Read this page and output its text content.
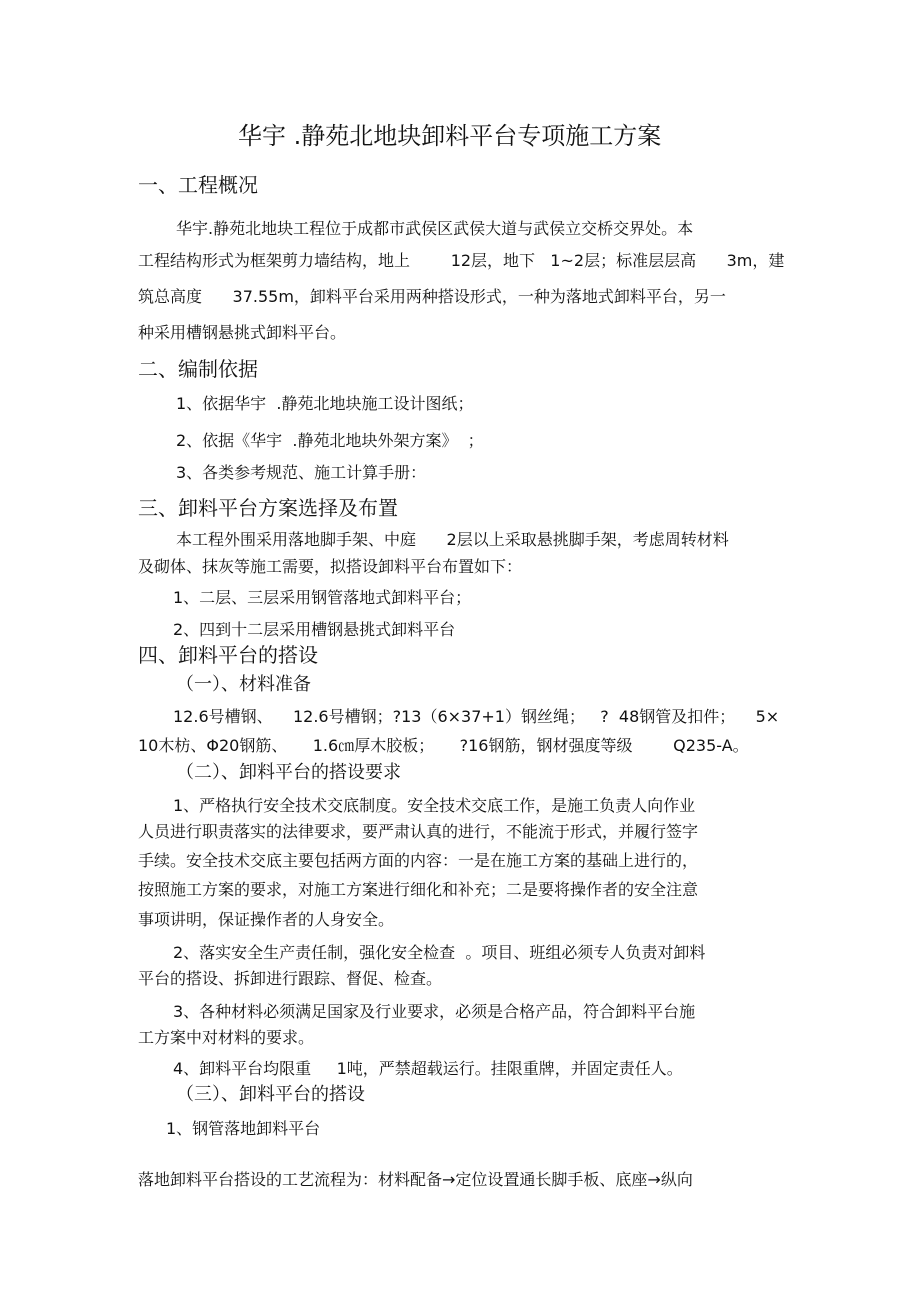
华宇 .静苑北地块卸料平台专项施工方案
一、工程概况
华宇.静苑北地块工程位于成都市武侯区武侯大道与武侯立交桥交界处。本
工程结构形式为框架剪力墙结构，地上        12层，地下   1~2层；标准层层高      3m，建
筑总高度      37.55m，卸料平台采用两种搭设形式，一种为落地式卸料平台，另一
种采用槽钢悬挑式卸料平台。
二、编制依据
1、依据华宇  .静苑北地块施工设计图纸；
2、依据《华宇  .静苑北地块外架方案》  ；
3、各类参考规范、施工计算手册：
三、卸料平台方案选择及布置
本工程外围采用落地脚手架、中庭      2层以上采取悬挑脚手架，考虑周转材料
及砌体、抹灰等施工需要，拟搭设卸料平台布置如下：
1、二层、三层采用钢管落地式卸料平台；
2、四到十二层采用槽钢悬挑式卸料平台
四、卸料平台的搭设
（一）、材料准备
12.6号槽钢、    12.6号槽钢；?13（6×37+1）钢丝绳；   ?  48钢管及扣件；    5×
10木枋、Φ20钢筋、     1.6㎝厚木胶板；     ?16钢筋，钢材强度等级        Q235-A。
（二）、卸料平台的搭设要求
1、严格执行安全技术交底制度。安全技术交底工作，是施工负责人向作业
人员进行职责落实的法律要求，要严肃认真的进行，不能流于形式，并履行签字
手续。安全技术交底主要包括两方面的内容：一是在施工方案的基础上进行的，
按照施工方案的要求，对施工方案进行细化和补充；二是要将操作者的安全注意
事项讲明，保证操作者的人身安全。
2、落实安全生产责任制，强化安全检查  。项目、班组必须专人负责对卸料
平台的搭设、拆卸进行跟踪、督促、检查。
3、各种材料必须满足国家及行业要求，必须是合格产品，符合卸料平台施
工方案中对材料的要求。
4、卸料平台均限重     1吨，严禁超载运行。挂限重牌，并固定责任人。
（三）、卸料平台的搭设
1、钢管落地卸料平台
落地卸料平台搭设的工艺流程为：材料配备→定位设置通长脚手板、底座→纵向
